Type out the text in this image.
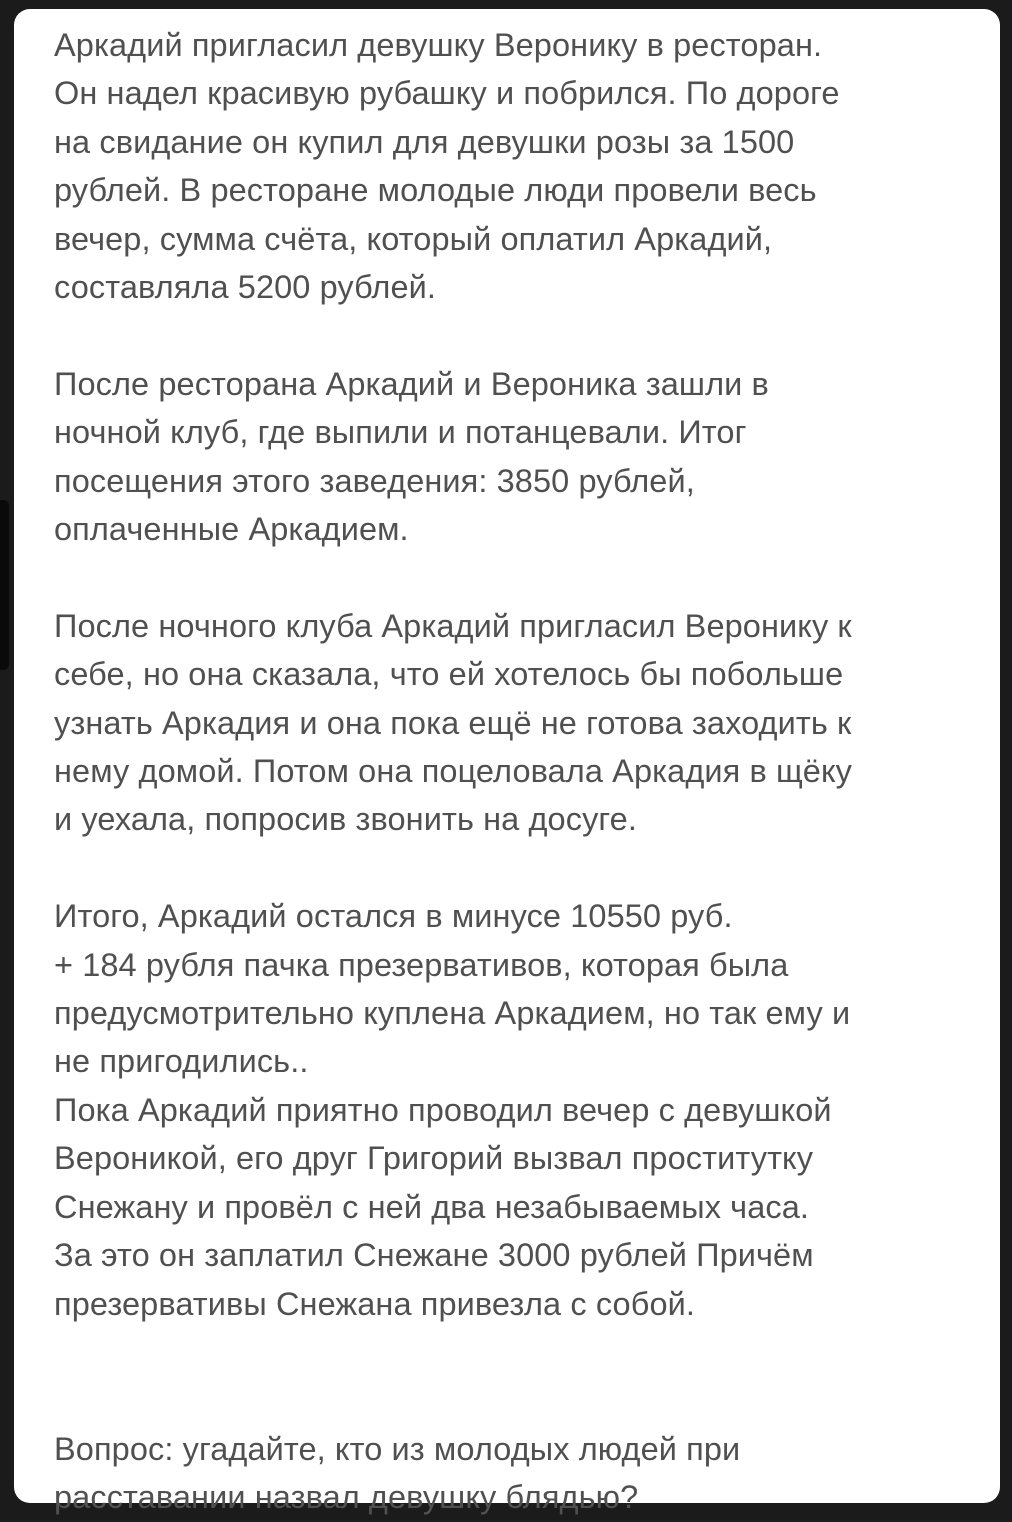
Аркадий пригласил девушку Веронику в ресторан.
Он надел красивую рубашку и побрился. По дороге
на свидание он купил для девушки розы за 1500
рублей. В ресторане молодые люди провели весь
вечер, сумма счёта, который оплатил Аркадий,
составляла 5200 рублей.

После ресторана Аркадий и Вероника зашли в
ночной клуб, где выпили и потанцевали. Итог
посещения этого заведения: 3850 рублей,
оплаченные Аркадием.

После ночного клуба Аркадий пригласил Веронику к
себе, но она сказала, что ей хотелось бы побольше
узнать Аркадия и она пока ещё не готова заходить к
нему домой. Потом она поцеловала Аркадия в щёку
и уехала, попросив звонить на досуге.

Итого, Аркадий остался в минусе 10550 руб.
+ 184 рубля пачка презервативов, которая была
предусмотрительно куплена Аркадием, но так ему и
не пригодились..
Пока Аркадий приятно проводил вечер с девушкой
Вероникой, его друг Григорий вызвал проститутку
Снежану и провёл с ней два незабываемых часа.
За это он заплатил Снежане 3000 рублей Причём
презервативы Снежана привезла с собой.

Вопрос: угадайте, кто из молодых людей при
расставании назвал девушку блядью?
